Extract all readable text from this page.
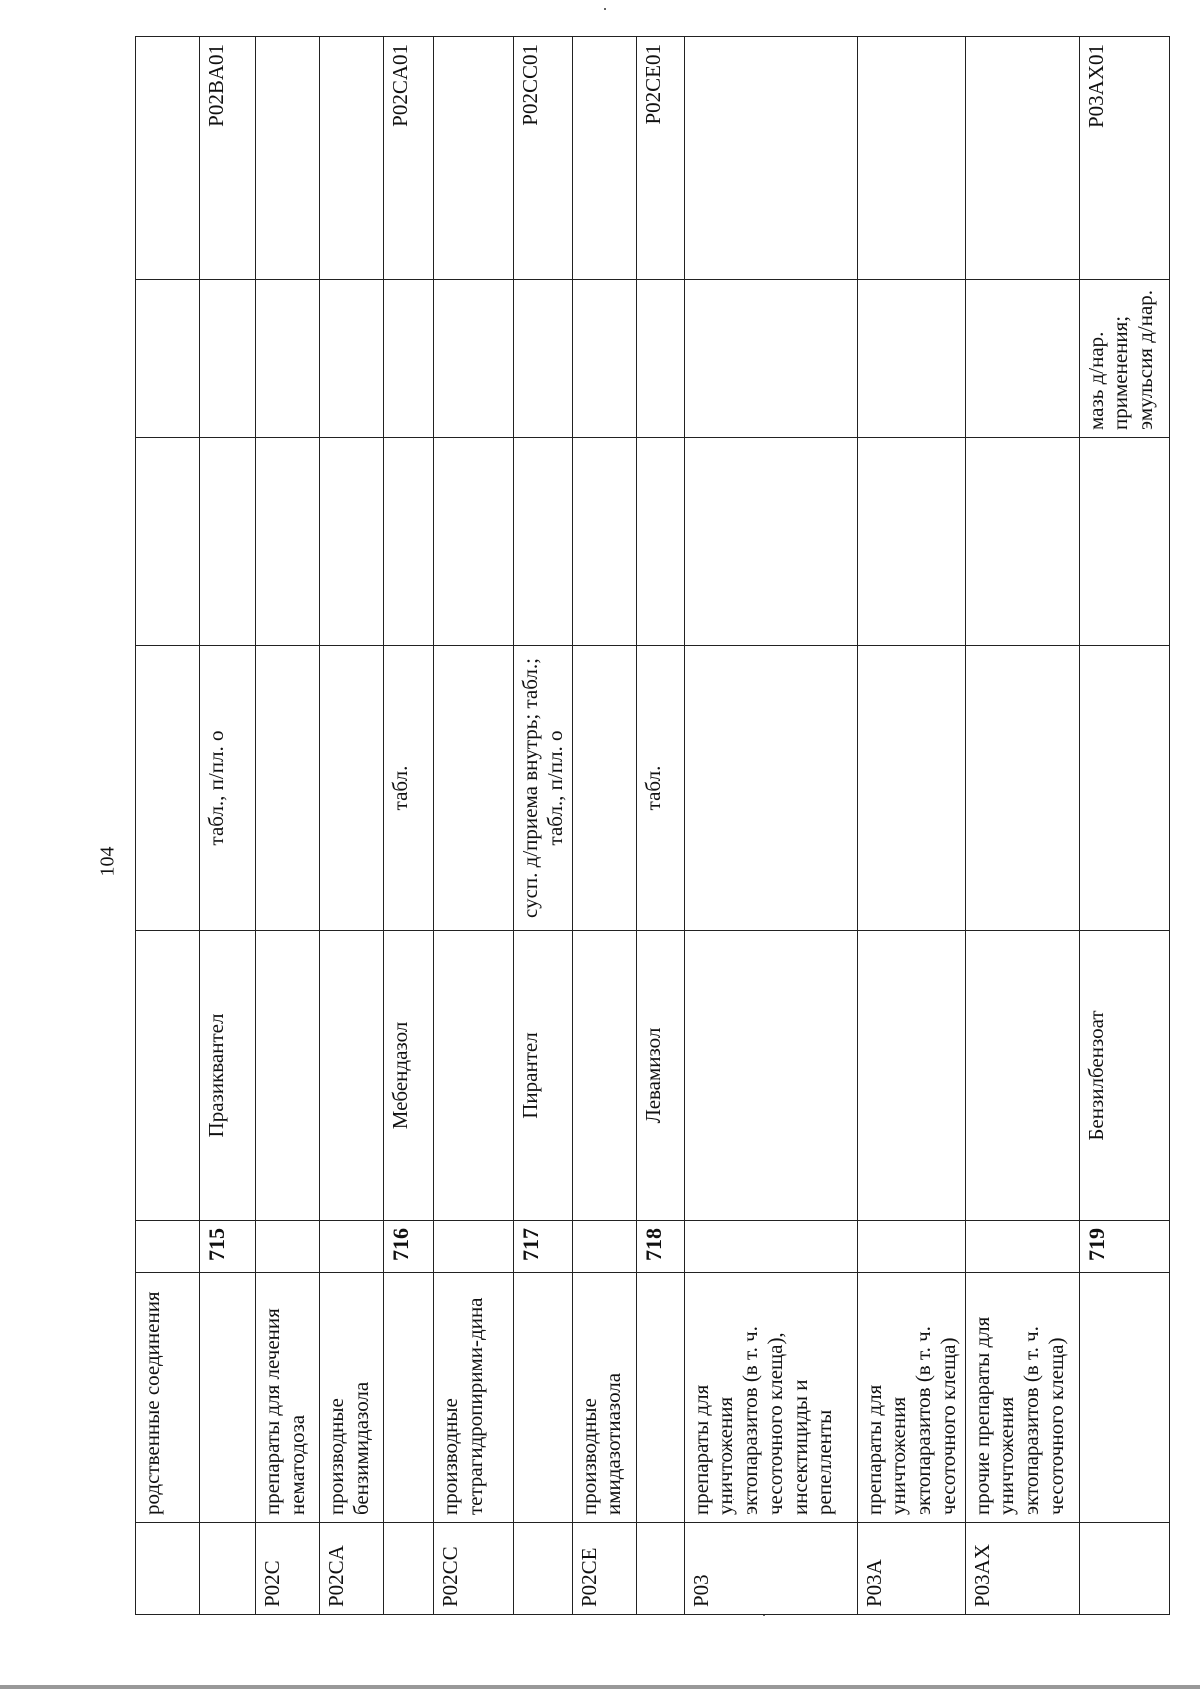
104

	родственные соединения						

		715	Празиквантел	табл., п/пл. о			P02BA01

P02C	препараты для лечения нематодоза						

P02CA	производные бензимидазола						

		716	Мебендазол	табл.			P02CA01

P02CC	производные тетрагидропирими-дина						

		717	Пирантел	сусп. д/приема внутрь; табл.; табл., п/пл. о			P02CC01

P02CE	производные имидазотиазола						

		718	Левамизол	табл.			P02CE01

P03	препараты для уничтожения эктопаразитов (в т. ч. чесоточного клеща), инсектициды и репелленты						

P03A	препараты для уничтожения эктопаразитов (в т. ч. чесоточного клеща)						

P03AX	прочие препараты для уничтожения эктопаразитов (в т. ч. чесоточного клеща)						

		719	Бензилбензоат			мазь д/нар. применения; эмульсия д/нар.	P03AX01
